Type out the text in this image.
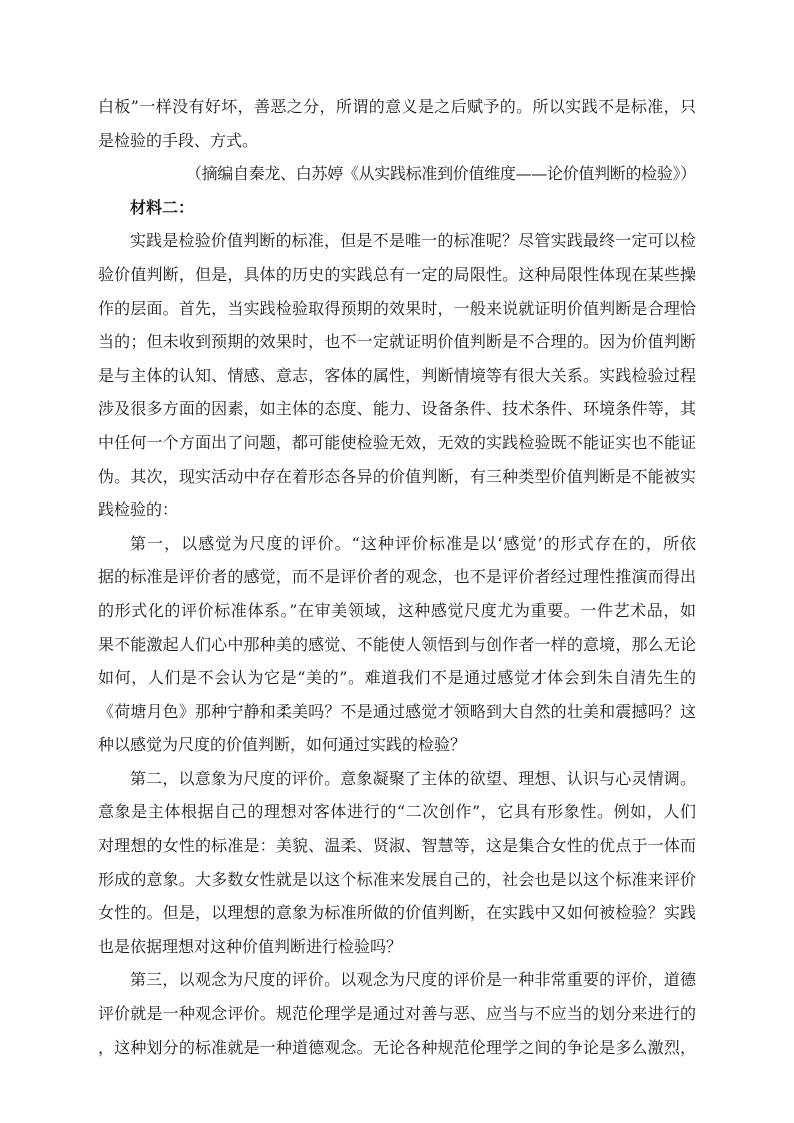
白板”一样没有好坏，善恶之分，所谓的意义是之后赋予的。所以实践不是标准，只
是检验的手段、方式。
（摘编自秦龙、白苏婷《从实践标准到价值维度——论价值判断的检验》）
材料二：
实践是检验价值判断的标准，但是不是唯一的标准呢？尽管实践最终一定可以检
验价值判断，但是，具体的历史的实践总有一定的局限性。这种局限性体现在某些操
作的层面。首先，当实践检验取得预期的效果时，一般来说就证明价值判断是合理恰
当的；但未收到预期的效果时，也不一定就证明价值判断是不合理的。因为价值判断
是与主体的认知、情感、意志，客体的属性，判断情境等有很大关系。实践检验过程
涉及很多方面的因素，如主体的态度、能力、设备条件、技术条件、环境条件等，其
中任何一个方面出了问题，都可能使检验无效，无效的实践检验既不能证实也不能证
伪。其次，现实活动中存在着形态各异的价值判断，有三种类型价值判断是不能被实
践检验的：
第一，以感觉为尺度的评价。“这种评价标准是以‘感觉’的形式存在的，所依
据的标准是评价者的感觉，而不是评价者的观念，也不是评价者经过理性推演而得出
的形式化的评价标准体系。”在审美领域，这种感觉尺度尤为重要。一件艺术品，如
果不能激起人们心中那种美的感觉、不能使人领悟到与创作者一样的意境，那么无论
如何，人们是不会认为它是“美的”。难道我们不是通过感觉才体会到朱自清先生的
《荷塘月色》那种宁静和柔美吗？不是通过感觉才领略到大自然的壮美和震撼吗？这
种以感觉为尺度的价值判断，如何通过实践的检验？
第二，以意象为尺度的评价。意象凝聚了主体的欲望、理想、认识与心灵情调。
意象是主体根据自己的理想对客体进行的“二次创作”，它具有形象性。例如，人们
对理想的女性的标准是：美貌、温柔、贤淑、智慧等，这是集合女性的优点于一体而
形成的意象。大多数女性就是以这个标准来发展自己的，社会也是以这个标准来评价
女性的。但是，以理想的意象为标准所做的价值判断，在实践中又如何被检验？实践
也是依据理想对这种价值判断进行检验吗？
第三，以观念为尺度的评价。以观念为尺度的评价是一种非常重要的评价，道德
评价就是一种观念评价。规范伦理学是通过对善与恶、应当与不应当的划分来进行的
，这种划分的标准就是一种道德观念。无论各种规范伦理学之间的争论是多么激烈，
